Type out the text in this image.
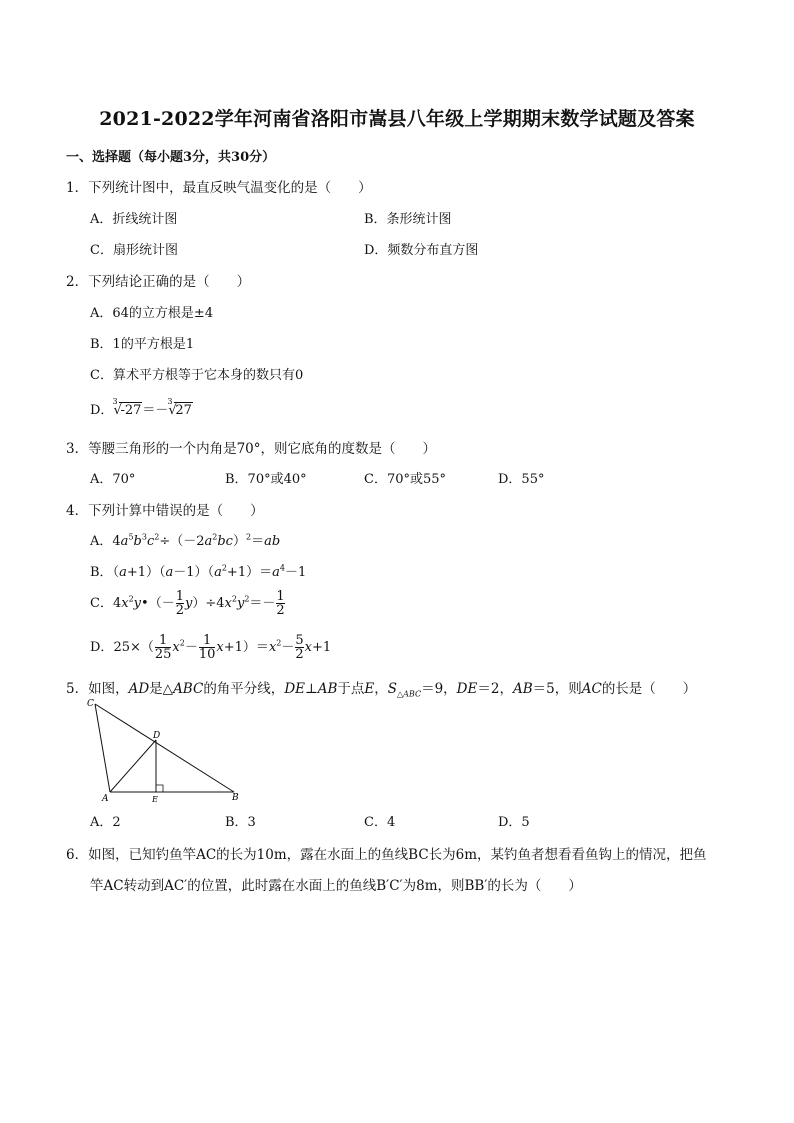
2021-2022学年河南省洛阳市嵩县八年级上学期期末数学试题及答案
一、选择题（每小题3分，共30分）
1．下列统计图中，最直反映气温变化的是（　　）
A．折线统计图	B．条形统计图
C．扇形统计图	D．频数分布直方图
2．下列结论正确的是（　　）
A．64的立方根是±4
B．1的平方根是1
C．算术平方根等于它本身的数只有0
D．
3
√
-27＝－
3
√
27
3．等腰三角形的一个内角是70°，则它底角的度数是（　　）
A．70°	B．70°或40°	C．70°或55°	D．55°
4．下列计算中错误的是（　　）
A．$4a^5b^3c^2\div(-2a^2bc)^2=ab$
B．$(a+1)(a-1)(a^2+1)=a^4-1$
C．$4x^2y•(- \frac{1}{2} y)\div 4x^2y^2=- \frac{1}{2}$
D．$25\times( \frac{1}{25} x^2- \frac{1}{10} x+1)=x^2- \frac{5}{2} x+1$
5．如图，AD是△ABC的角平分线，DE⊥AB于点E，$S_{\triangle ABC}=9$，DE＝2，AB＝5，则AC的长是（　　）
C
D
A	E	B
A．2	B．3	C．4	D．5
6．如图，已知钓鱼竿AC的长为10m，露在水面上的鱼线BC长为6m，某钓鱼者想看看鱼钩上的情况，把鱼
竿AC转动到AC′的位置，此时露在水面上的鱼线B′C′为8m，则BB′的长为（　　）
